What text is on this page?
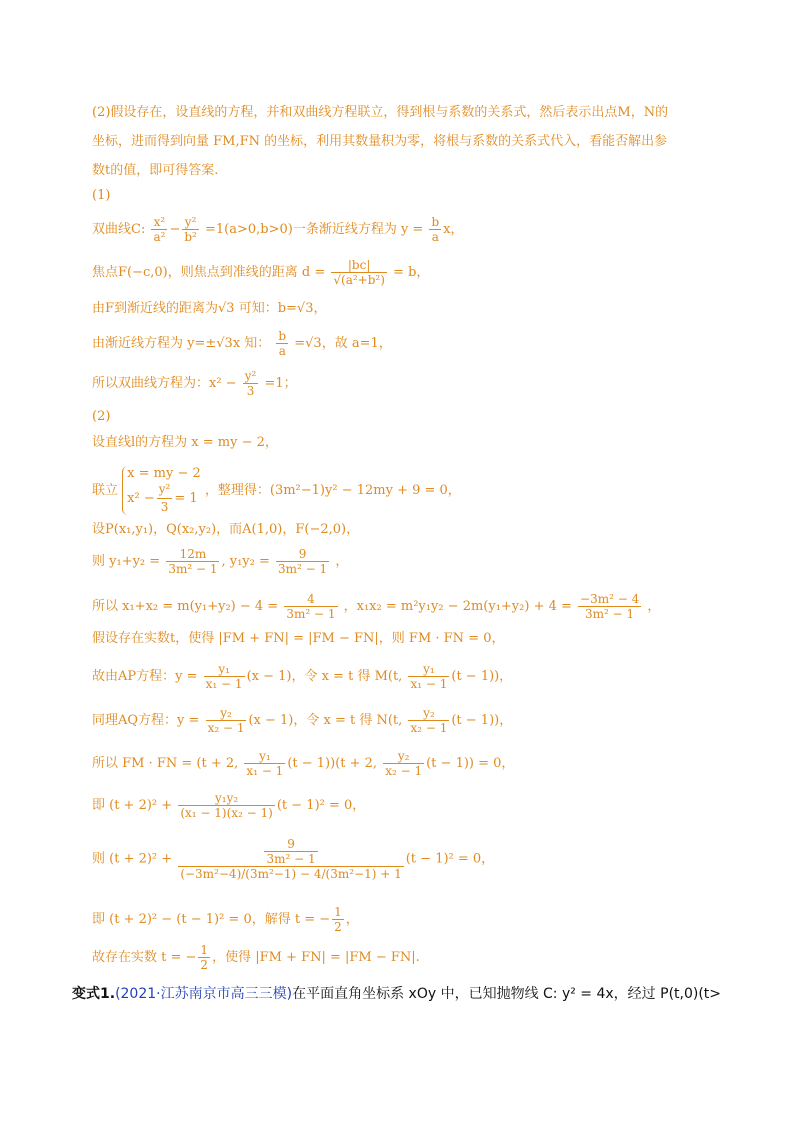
(2)假设存在，设直线的方程，并和双曲线方程联立，得到根与系数的关系式，然后表示出点M，N的
坐标，进而得到向量 FM,FN 的坐标，利用其数量积为零，将根与系数的关系式代入，看能否解出参
数t的值，即可得答案.
(1)
双曲线C: $\frac{\text{x²}}{\text{a²}} - \frac{\text{y²}}{\text{b²}} =1(a>0,b>0)$一条渐近线方程为 $y = \frac{b}{a}$ x，
焦点F(−c,0)，则焦点到准线的距离 $d = \frac{|bc|}{\text{√(a²+b²)}} = b$，
由F到渐近线的距离为√3 可知：b=√3，
由渐近线方程为 y=±√3x 知： $\frac{b}{a} =√3$，故 a=1，
所以双曲线方程为：$x^2 - \frac{\text{y²}}{3} =1$；
(2)
设直线l的方程为 x = my − 2，
联立
x = my − 2
$x^2 - \frac{\text{y²}}{3} = 1$
，整理得：(3m²−1)y² − 12my + 9 = 0，
设P(x₁,y₁)，Q(x₂,y₂)，而A(1,0)，F(−2,0)，
则 $y_1+y_2 = \frac{12m}{\text{3m² − 1}}$ , $y_1y_2 = \frac{9}{\text{3m² − 1}}$ ，
所以 $x_1+x_2 = m(y_1+y_2) - 4 = \frac{4}{\text{3m² − 1}}$ ，$x_1x_2 = m^2y_1y_2 - 2m(y_1+y_2) + 4 = \frac{\text{−3m² − 4}}{\text{3m² − 1}}$ ，
假设存在实数t，使得 |FM + FN| = |FM − FN|，则 FM · FN = 0，
故由AP方程：$y = \frac{\text{y₁}}{\text{x₁ − 1}} (x - 1)$，令 x = t 得 M(t, $\frac{\text{y₁}}{\text{x₁ − 1}} (t - 1)$)，
同理AQ方程：$y = \frac{\text{y₂}}{\text{x₂ − 1}} (x - 1)$，令 x = t 得 N(t, $\frac{\text{y₂}}{\text{x₂ − 1}} (t - 1)$)，
所以 FM · FN = (t + 2, $\frac{\text{y₁}}{\text{x₁ − 1}} (t - 1))(t + 2$, $\frac{\text{y₂}}{\text{x₂ − 1}} (t - 1)) = 0$，
即 $(t + 2)^2 + \frac{\text{y₁y₂}}{\text{(x₁ − 1)(x₂ − 1)}} (t - 1)^2 = 0$，
则 $(t + 2)^2 + \frac{\frac{9}{\text{3m² − 1}}}{\text{(−3m²−4)/(3m²−1) − 4/(3m²−1) + 1}} (t - 1)^2 = 0$，
即 (t + 2)² − (t − 1)² = 0，解得 t = − $\frac{1}{2}$ ，
故存在实数 t = − $\frac{1}{2}$ ，使得 |FM + FN| = |FM − FN|.
变式1.(2021·江苏南京市高三三模)在平面直角坐标系 xOy 中，已知抛物线 C: y² = 4x，经过 P(t,0)(t>
